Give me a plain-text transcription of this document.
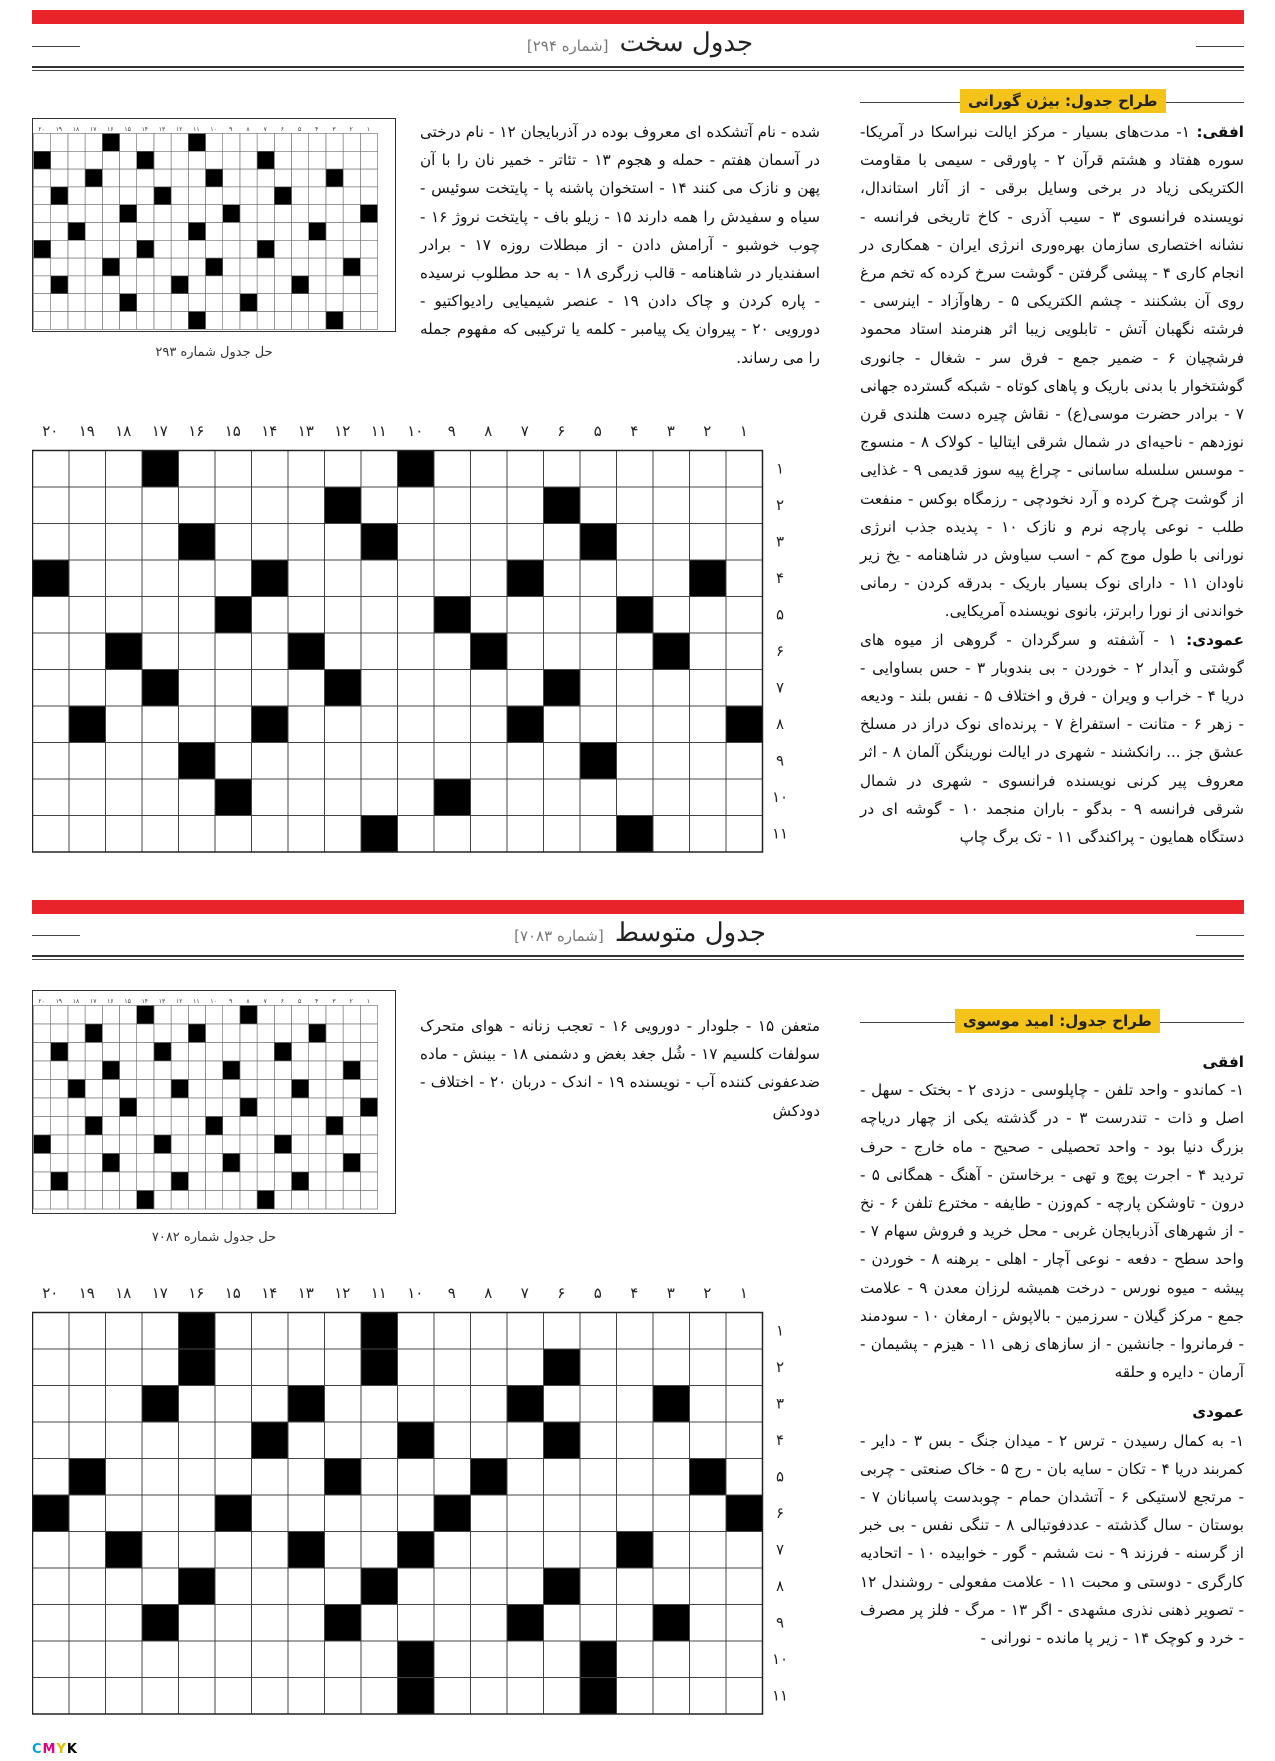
جدول سخت [شماره ۲۹۴]
طراح جدول: بیژن گورانی

افقی: ۱- مدت‌های بسیار - مرکز ایالت نبراسکا در آمریکا- سوره هفتاد و هشتم قرآن ۲ - پاورقی - سیمی با مقاومت الکتریکی زیاد در برخی وسایل برقی - از آثار استاندال، نویسنده فرانسوی ۳ - سیب آذری - کاخ تاریخی فرانسه - نشانه اختصاری سازمان بهره‌وری انرژی ایران - همکاری در انجام کاری ۴ - پیشی گرفتن - گوشت سرخ کرده که تخم مرغ روی آن بشکنند - چشم الکتریکی ۵ - رهاوآزاد - اینرسی - فرشته نگهبان آتش - تابلویی زیبا اثر هنرمند استاد محمود فرشچیان ۶ - ضمیر جمع - فرق سر - شغال - جانوری گوشتخوار با بدنی باریک و پاهای کوتاه - شبکه گسترده جهانی ۷ - برادر حضرت موسی(ع) - نقاش چیره دست هلندی قرن نوزدهم - ناحیه‌ای در شمال شرقی ایتالیا - کولاک ۸ - منسوج - موسس سلسله ساسانی - چراغ پیه سوز قدیمی ۹ - غذایی از گوشت چرخ کرده و آرد نخودچی - رزمگاه بوکس - منفعت طلب - نوعی پارچه نرم و نازک ۱۰ - پدیده جذب انرژی نورانی با طول موج کم - اسب سیاوش در شاهنامه - یخ زیر ناودان ۱۱ - دارای نوک بسیار باریک - بدرقه کردن - رمانی خواندنی از نورا رابرتز، بانوی نویسنده آمریکایی.

عمودی: ۱ - آشفته و سرگردان - گروهی از میوه های گوشتی و آبدار ۲ - خوردن - بی بندوبار ۳ - حس بساوایی - دریا ۴ - خراب و ویران - فرق و اختلاف ۵ - نفس بلند - ودیعه - زهر ۶ - متانت - استفراغ ۷ - پرنده‌ای نوک دراز در مسلخ عشق جز ... رانکشند - شهری در ایالت نورینگن آلمان ۸ - اثر معروف پیر کرنی نویسنده فرانسوی - شهری در شمال شرقی فرانسه ۹ - بدگو - باران منجمد ۱۰ - گوشه ای در دستگاه همایون - پراکندگی ۱۱ - تک برگ چاپ

شده - نام آتشکده ای معروف بوده در آذربایجان ۱۲ - نام درختی در آسمان هفتم - حمله و هجوم ۱۳ - تئاتر - خمیر نان را با آن پهن و نازک می کنند ۱۴ - استخوان پاشنه پا - پایتخت سوئیس - سیاه و سفیدش را همه دارند ۱۵ - زیلو باف - پایتخت نروژ ۱۶ - چوب خوشبو - آرامش دادن - از مبطلات روزه ۱۷ - برادر اسفندیار در شاهنامه - قالب زرگری ۱۸ - به حد مطلوب نرسیده - پاره کردن و چاک دادن ۱۹ - عنصر شیمیایی رادیواکتیو - دورویی ۲۰ - پیروان یک پیامبر - کلمه یا ترکیبی که مفهوم جمله را می رساند.
۱
۲
۳
۴
۵
۶
۷
۸
۹
۱۰
۱۱
۱۲
۱۳
۱۴
۱۵
۱۶
۱۷
۱۸
۱۹
۲۰
حل جدول شماره ۲۹۳
۲۰ ۱۹ ۱۸ ۱۷ ۱۶ ۱۵ ۱۴ ۱۳ ۱۲ ۱۱ ۱۰ ۹ ۸ ۷ ۶ ۵ ۴ ۳ ۲ ۱
۱
۲
۳
۴
۵
۶
۷
۸
۹
۱۰
۱۱
جدول متوسط [شماره ۷۰۸۳]
طراح جدول: امید موسوی

افقی

۱- کماندو - واحد تلفن - چاپلوسی - دزدی ۲ - بختک - سهل - اصل و ذات - تندرست ۳ - در گذشته یکی از چهار دریاچه بزرگ دنیا بود - واحد تحصیلی - صحیح - ماه خارج - حرف تردید ۴ - اجرت پوچ و تهی - برخاستن - آهنگ - همگانی ۵ - درون - تاوشکن پارچه - کم‌وزن - طایفه - مخترع تلفن ۶ - نخ - از شهرهای آذربایجان غربی - محل خرید و فروش سهام ۷ - واحد سطح - دفعه - نوعی آچار - اهلی - برهنه ۸ - خوردن - پیشه - میوه نورس - درخت همیشه لرزان معدن ۹ - علامت جمع - مرکز گیلان - سرزمین - بالاپوش - ارمغان ۱۰ - سودمند - فرمانروا - جانشین - از سازهای زهی ۱۱ - هیزم - پشیمان - آرمان - دایره و حلقه

عمودی

۱- به کمال رسیدن - ترس ۲ - میدان جنگ - بس ۳ - دایر - کمربند دریا ۴ - تکان - سایه بان - رج ۵ - خاک صنعتی - چربی - مرتجع لاستیکی ۶ - آتشدان حمام - چوبدست پاسبانان ۷ - بوستان - سال گذشته - عددفوتبالی ۸ - تنگی نفس - بی خبر از گرسنه - فرزند ۹ - نت ششم - گور - خوابیده ۱۰ - اتحادیه کارگری - دوستی و محبت ۱۱ - علامت مفعولی - روشندل ۱۲ - تصویر ذهنی نذری مشهدی - اگر ۱۳ - مرگ - فلز پر مصرف - خرد و کوچک ۱۴ - زیر پا مانده - نورانی -

متعفن ۱۵ - جلودار - دورویی ۱۶ - تعجب زنانه - هوای متحرک سولفات کلسیم ۱۷ - شُل جغد بغض و دشمنی ۱۸ - بینش - ماده ضدعفونی کننده آب - نویسنده ۱۹ - اندک - دربان ۲۰ - اختلاف - دودکش
۱
۲
۳
۴
۵
۶
۷
۸
۹
۱۰
۱۱
۱۲
۱۳
۱۴
۱۵
۱۶
۱۷
۱۸
۱۹
۲۰
حل جدول شماره ۷۰۸۲
۲۰ ۱۹ ۱۸ ۱۷ ۱۶ ۱۵ ۱۴ ۱۳ ۱۲ ۱۱ ۱۰ ۹ ۸ ۷ ۶ ۵ ۴ ۳ ۲ ۱
۱
۲
۳
۴
۵
۶
۷
۸
۹
۱۰
۱۱
CMYK
